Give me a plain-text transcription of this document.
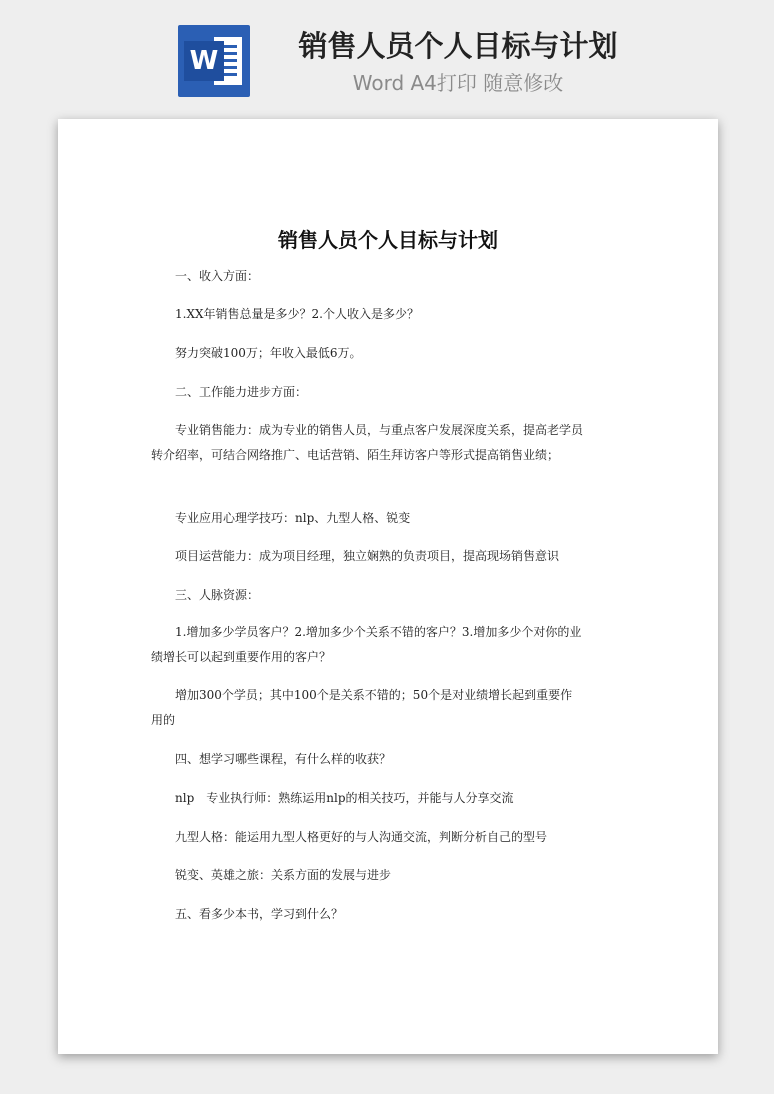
W	销售人员个人目标与计划
Word A4打印 随意修改
销售人员个人目标与计划
一、收入方面：
1.XX年销售总量是多少？2.个人收入是多少？
努力突破100万；年收入最低6万。
二、工作能力进步方面：
专业销售能力：成为专业的销售人员，与重点客户发展深度关系，提高老学员转介绍率，可结合网络推广、电话营销、陌生拜访客户等形式提高销售业绩；
专业应用心理学技巧：nlp、九型人格、锐变
项目运营能力：成为项目经理，独立娴熟的负责项目，提高现场销售意识
三、人脉资源：
1.增加多少学员客户？2.增加多少个关系不错的客户？3.增加多少个对你的业绩增长可以起到重要作用的客户？
增加300个学员；其中100个是关系不错的；50个是对业绩增长起到重要作用的
四、想学习哪些课程，有什么样的收获？
nlp　专业执行师：熟练运用nlp的相关技巧，并能与人分享交流
九型人格：能运用九型人格更好的与人沟通交流，判断分析自己的型号
锐变、英雄之旅：关系方面的发展与进步
五、看多少本书，学习到什么？
